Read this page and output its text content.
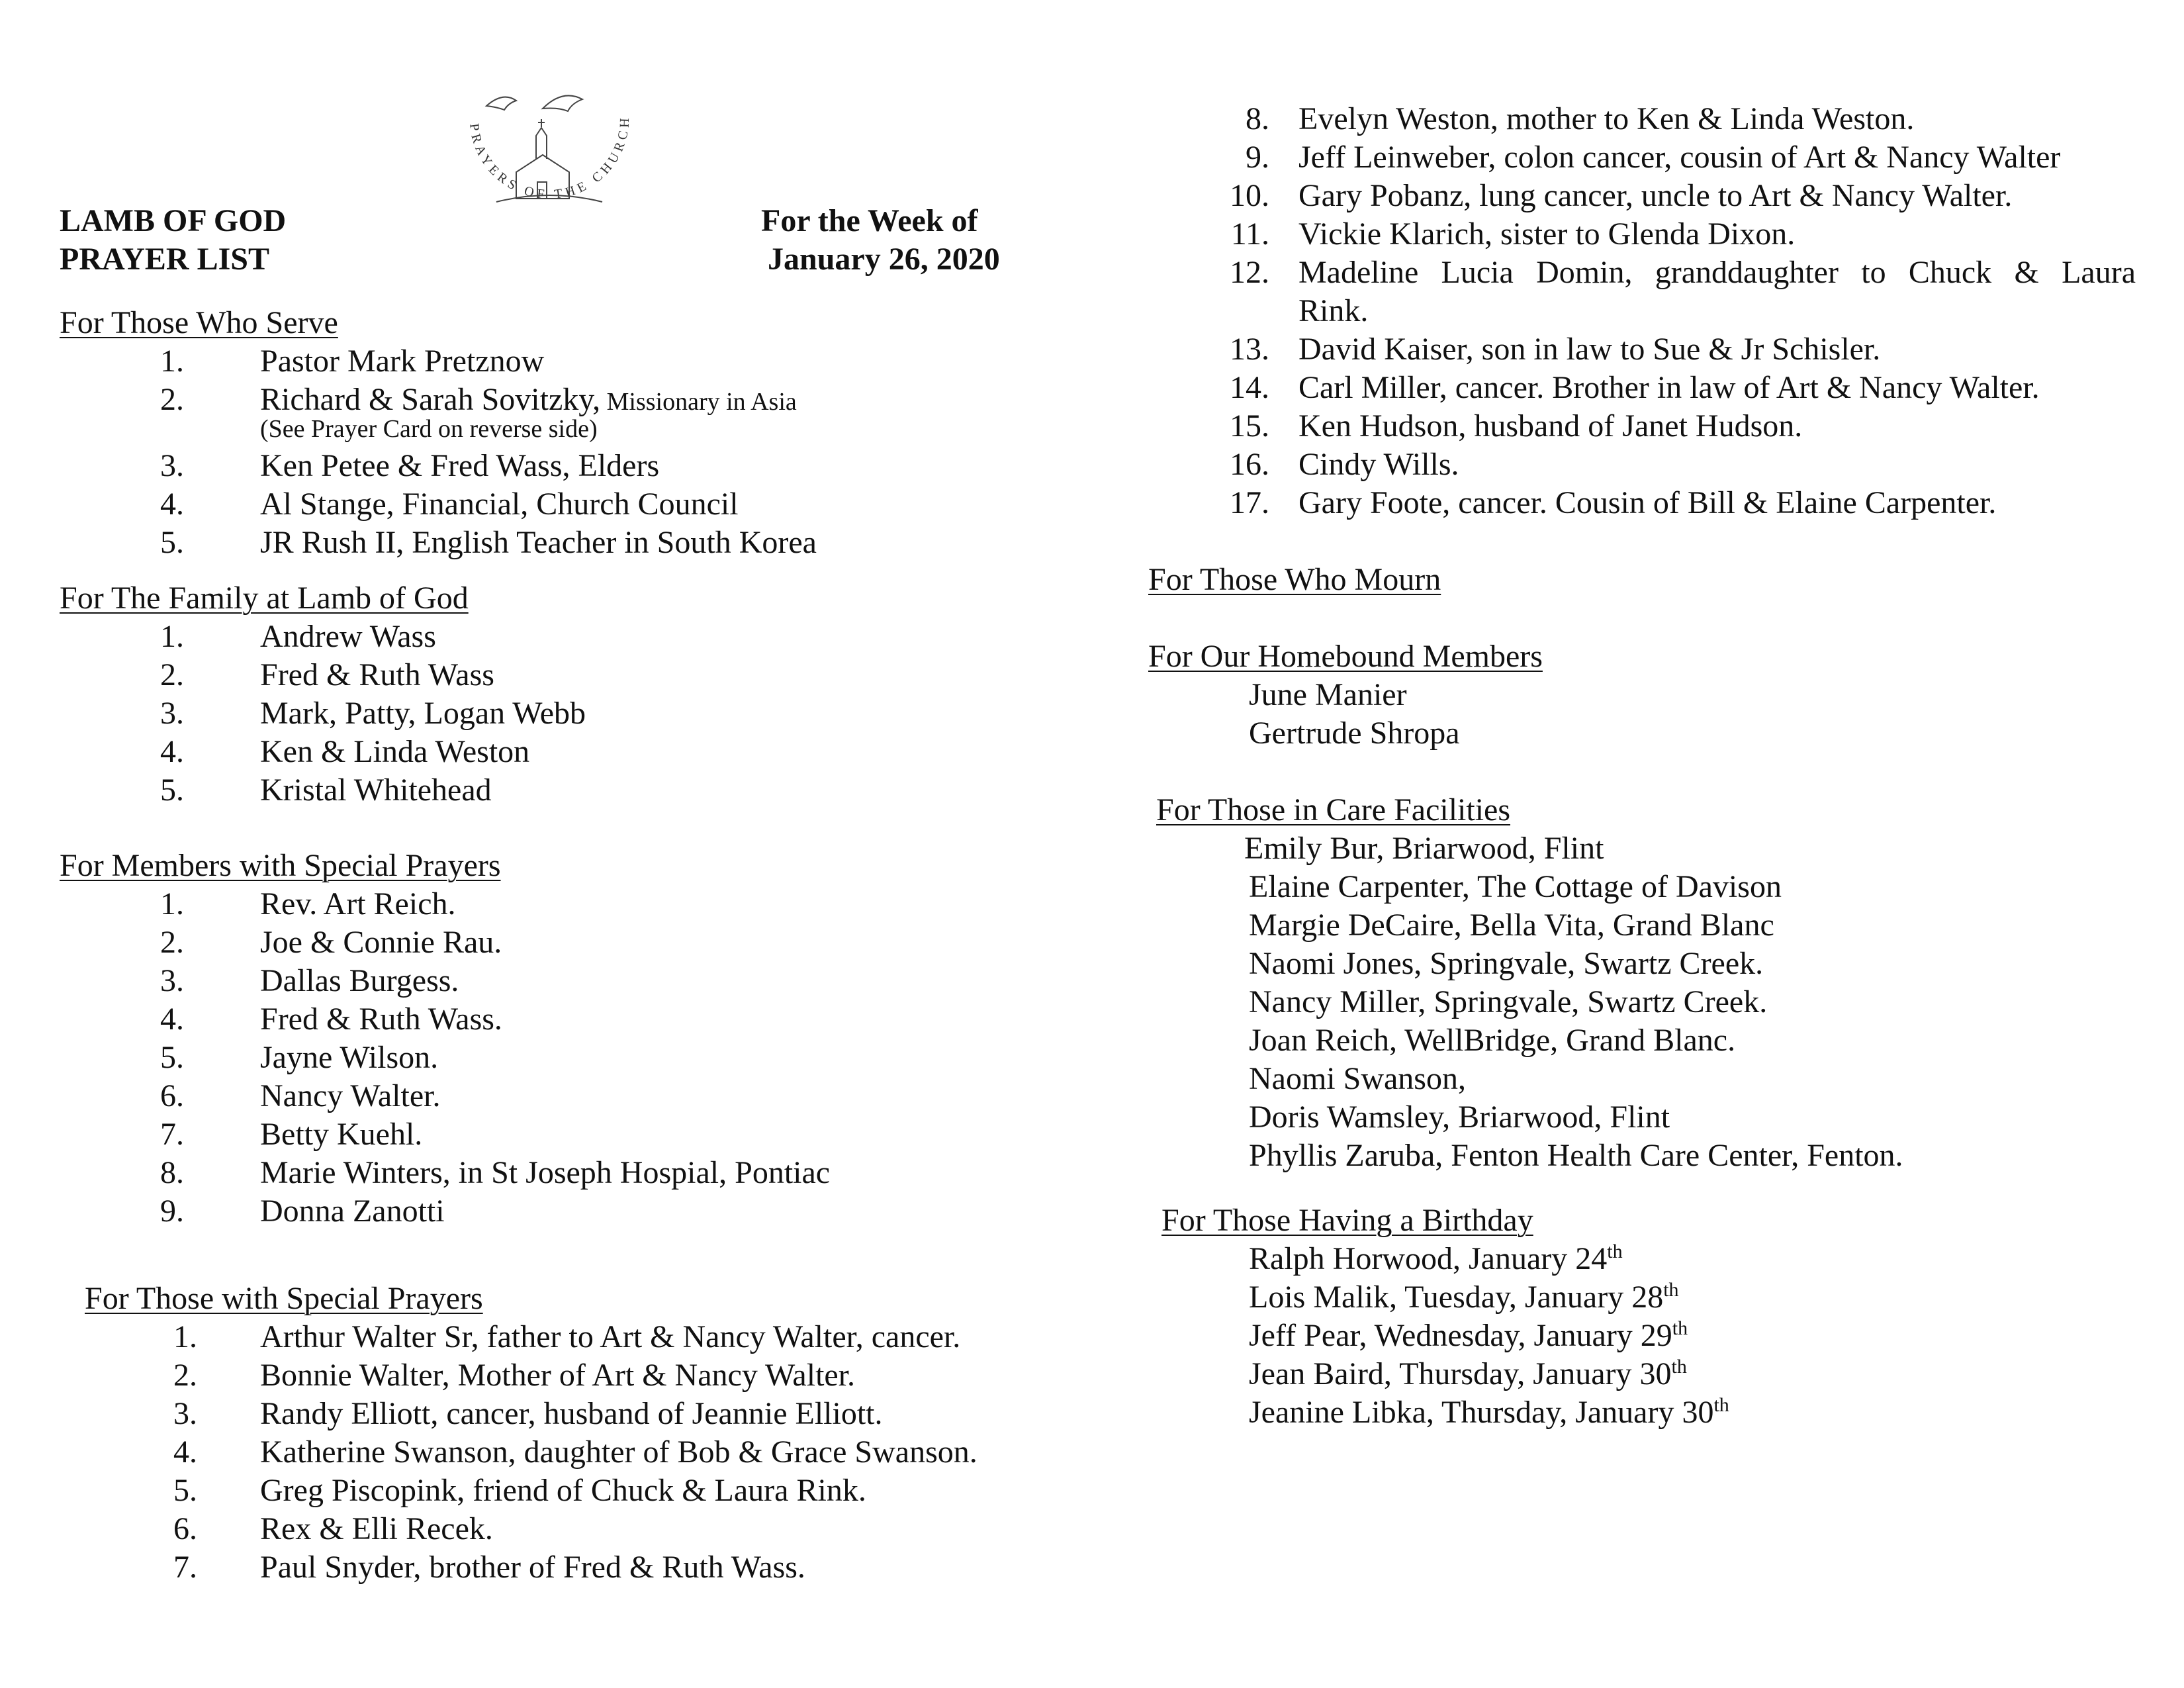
LAMB OF GOD
PRAYER LIST
For the Week of
January 26, 2020
PRAYERS OF THE CHURCH
For Those Who Serve
1. Pastor Mark Pretznow
2. Richard & Sarah Sovitzky, Missionary in Asia
(See Prayer Card on reverse side)
3. Ken Petee & Fred Wass, Elders
4. Al Stange, Financial, Church Council
5. JR Rush II, English Teacher in South Korea
For The Family at Lamb of God
1. Andrew Wass
2. Fred & Ruth Wass
3. Mark, Patty, Logan Webb
4. Ken & Linda Weston
5. Kristal Whitehead
For Members with Special Prayers
1. Rev. Art Reich.
2. Joe & Connie Rau.
3. Dallas Burgess.
4. Fred & Ruth Wass.
5. Jayne Wilson.
6. Nancy Walter.
7. Betty Kuehl.
8. Marie Winters, in St Joseph Hospial, Pontiac
9. Donna Zanotti
For Those with Special Prayers
1. Arthur Walter Sr, father to Art & Nancy Walter, cancer.
2. Bonnie Walter, Mother of Art & Nancy Walter.
3. Randy Elliott, cancer, husband of Jeannie Elliott.
4. Katherine Swanson, daughter of Bob & Grace Swanson.
5. Greg Piscopink, friend of Chuck & Laura Rink.
6. Rex & Elli Recek.
7. Paul Snyder, brother of Fred & Ruth Wass.
8. Evelyn Weston, mother to Ken & Linda Weston.
9. Jeff Leinweber, colon cancer, cousin of Art & Nancy Walter
10. Gary Pobanz, lung cancer, uncle to Art & Nancy Walter.
11. Vickie Klarich, sister to Glenda Dixon.
12. Madeline Lucia Domin, granddaughter to Chuck & Laura
Rink.
13. David Kaiser, son in law to Sue & Jr Schisler.
14. Carl Miller, cancer. Brother in law of Art & Nancy Walter.
15. Ken Hudson, husband of Janet Hudson.
16. Cindy Wills.
17. Gary Foote, cancer. Cousin of Bill & Elaine Carpenter.
For Those Who Mourn
For Our Homebound Members
June Manier
Gertrude Shropa
For Those in Care Facilities
Emily Bur, Briarwood, Flint
Elaine Carpenter, The Cottage of Davison
Margie DeCaire, Bella Vita, Grand Blanc
Naomi Jones, Springvale, Swartz Creek.
Nancy Miller, Springvale, Swartz Creek.
Joan Reich, WellBridge, Grand Blanc.
Naomi Swanson,
Doris Wamsley, Briarwood, Flint
Phyllis Zaruba, Fenton Health Care Center, Fenton.
For Those Having a Birthday
Ralph Horwood, January 24th
Lois Malik, Tuesday, January 28th
Jeff Pear, Wednesday, January 29th
Jean Baird, Thursday, January 30th
Jeanine Libka, Thursday, January 30th
